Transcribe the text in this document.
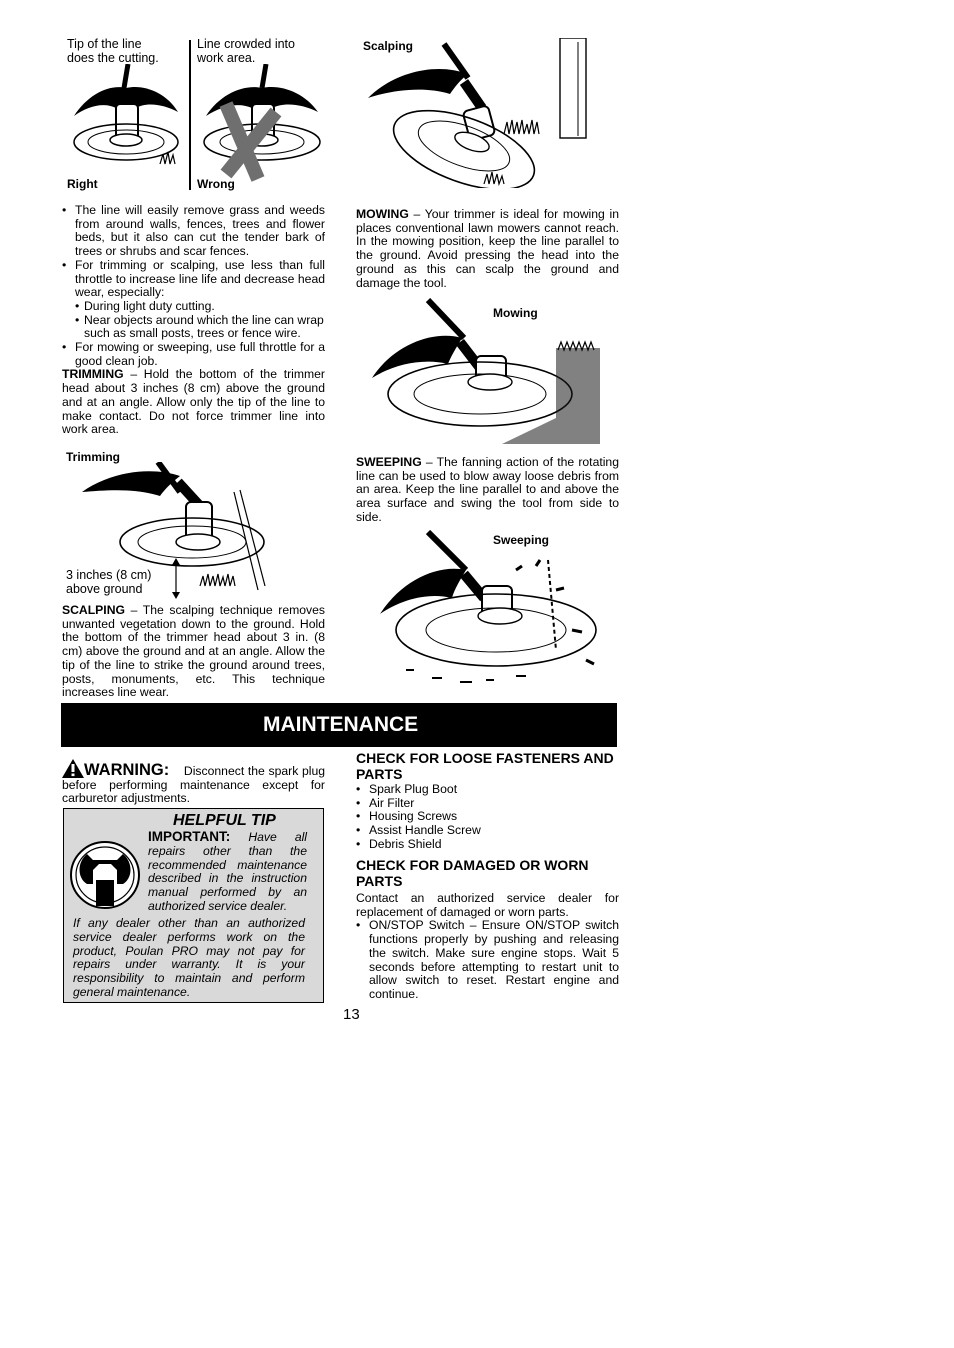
Tip of the line
does the cutting.
Line crowded into
work area.
Right	Wrong
• The line will easily remove grass and weeds from around walls, fences, trees and flower beds, but it also can cut the tender bark of trees or shrubs and scar fences.
• For trimming or scalping, use less than full throttle to increase line life and decrease head wear, especially:
• During light duty cutting.
• Near objects around which the line can wrap such as small posts, trees or fence wire.
• For mowing or sweeping, use full throttle for a good clean job.

TRIMMING – Hold the bottom of the trimmer head about 3 inches (8 cm) above the ground and at an angle. Allow only the tip of the line to make contact. Do not force trimmer line into work area.

Trimming
3 inches (8 cm)
above ground

SCALPING – The scalping technique removes unwanted vegetation down to the ground. Hold the bottom of the trimmer head about 3 in. (8 cm) above the ground and at an angle. Allow the tip of the line to strike the ground around trees, posts, monuments, etc. This technique increases line wear.

Scalping

MOWING – Your trimmer is ideal for mowing in places conventional lawn mowers cannot reach. In the mowing position, keep the line parallel to the ground. Avoid pressing the head into the ground as this can scalp the ground and damage the tool.

Mowing

SWEEPING – The fanning action of the rotating line can be used to blow away loose debris from an area. Keep the line parallel to and above the area surface and swing the tool from side to side.

Sweeping
MAINTENANCE

WARNING: Disconnect the spark plug before performing maintenance except for carburetor adjustments.

HELPFUL TIP
IMPORTANT: Have all repairs other than the recommended maintenance described in the instruction manual performed by an authorized service dealer.
If any dealer other than an authorized service dealer performs work on the product, Poulan PRO may not pay for repairs under warranty. It is your responsibility to maintain and perform general maintenance.

CHECK FOR LOOSE FASTENERS AND PARTS

• Spark Plug Boot
• Air Filter
• Housing Screws
• Assist Handle Screw
• Debris Shield

CHECK FOR DAMAGED OR WORN PARTS

Contact an authorized service dealer for replacement of damaged or worn parts.

• ON/STOP Switch – Ensure ON/STOP switch functions properly by pushing and releasing the switch. Make sure engine stops. Wait 5 seconds before attempting to restart unit to allow switch to reset. Restart engine and continue.
13
